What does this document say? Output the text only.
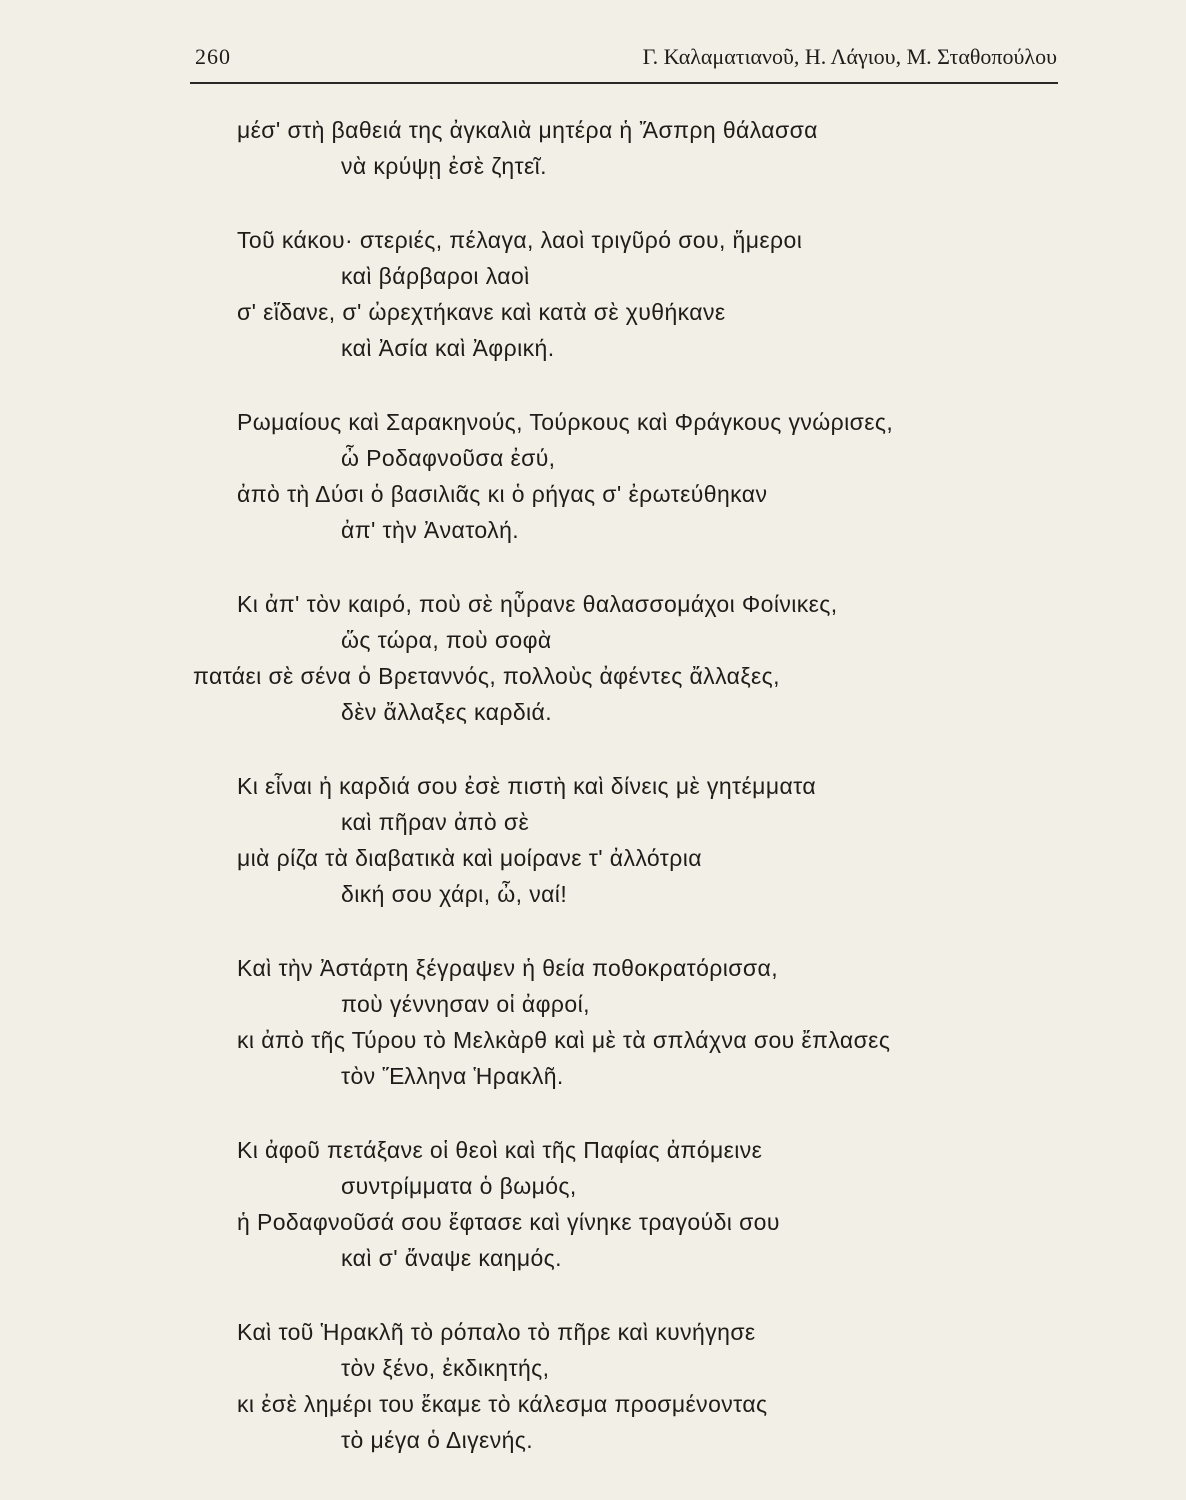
260	Γ. Καλαματιανοῦ, Η. Λάγιου, Μ. Σταθοπούλου
μέσ' στὴ βαθειά της ἀγκαλιὰ μητέρα ἡ Ἄσπρη θάλασσα
νὰ κρύψῃ ἐσὲ ζητεῖ.
Τοῦ κάκου· στεριές, πέλαγα, λαοὶ τριγῦρό σου, ἥμεροι
καὶ βάρβαροι λαοὶ
σ' εἴδανε, σ' ὠρεχτήκανε καὶ κατὰ σὲ χυθήκανε
καὶ Ἀσία καὶ Ἀφρική.
Ρωμαίους καὶ Σαρακηνούς, Τούρκους καὶ Φράγκους γνώρισες,
ὦ Ροδαφνοῦσα ἐσύ,
ἀπὸ τὴ Δύσι ὁ βασιλιᾶς κι ὁ ρήγας σ' ἐρωτεύθηκαν
ἀπ' τὴν Ἀνατολή.
Κι ἀπ' τὸν καιρό, ποὺ σὲ ηὗρανε θαλασσομάχοι Φοίνικες,
ὥς τώρα, ποὺ σοφὰ
πατάει σὲ σένα ὁ Βρεταννός, πολλοὺς ἀφέντες ἄλλαξες,
δὲν ἄλλαξες καρδιά.
Κι εἶναι ἡ καρδιά σου ἐσὲ πιστὴ καὶ δίνεις μὲ γητέμματα
καὶ πῆραν ἀπὸ σὲ
μιὰ ρίζα τὰ διαβατικὰ καὶ μοίρανε τ' ἀλλότρια
δική σου χάρι, ὦ, ναί!
Καὶ τὴν Ἀστάρτη ξέγραψεν ἡ θεία ποθοκρατόρισσα,
ποὺ γέννησαν οἱ ἀφροί,
κι ἀπὸ τῆς Τύρου τὸ Μελκὰρθ καὶ μὲ τὰ σπλάχνα σου ἔπλασες
τὸν Ἕλληνα Ἡρακλῆ.
Κι ἀφοῦ πετάξανε οἱ θεοὶ καὶ τῆς Παφίας ἀπόμεινε
συντρίμματα ὁ βωμός,
ἡ Ροδαφνοῦσά σου ἔφτασε καὶ γίνηκε τραγούδι σου
καὶ σ' ἄναψε καημός.
Καὶ τοῦ Ἡρακλῆ τὸ ρόπαλο τὸ πῆρε καὶ κυνήγησε
τὸν ξένο, ἐκδικητής,
κι ἐσὲ λημέρι του ἔκαμε τὸ κάλεσμα προσμένοντας
τὸ μέγα ὁ Διγενής.
